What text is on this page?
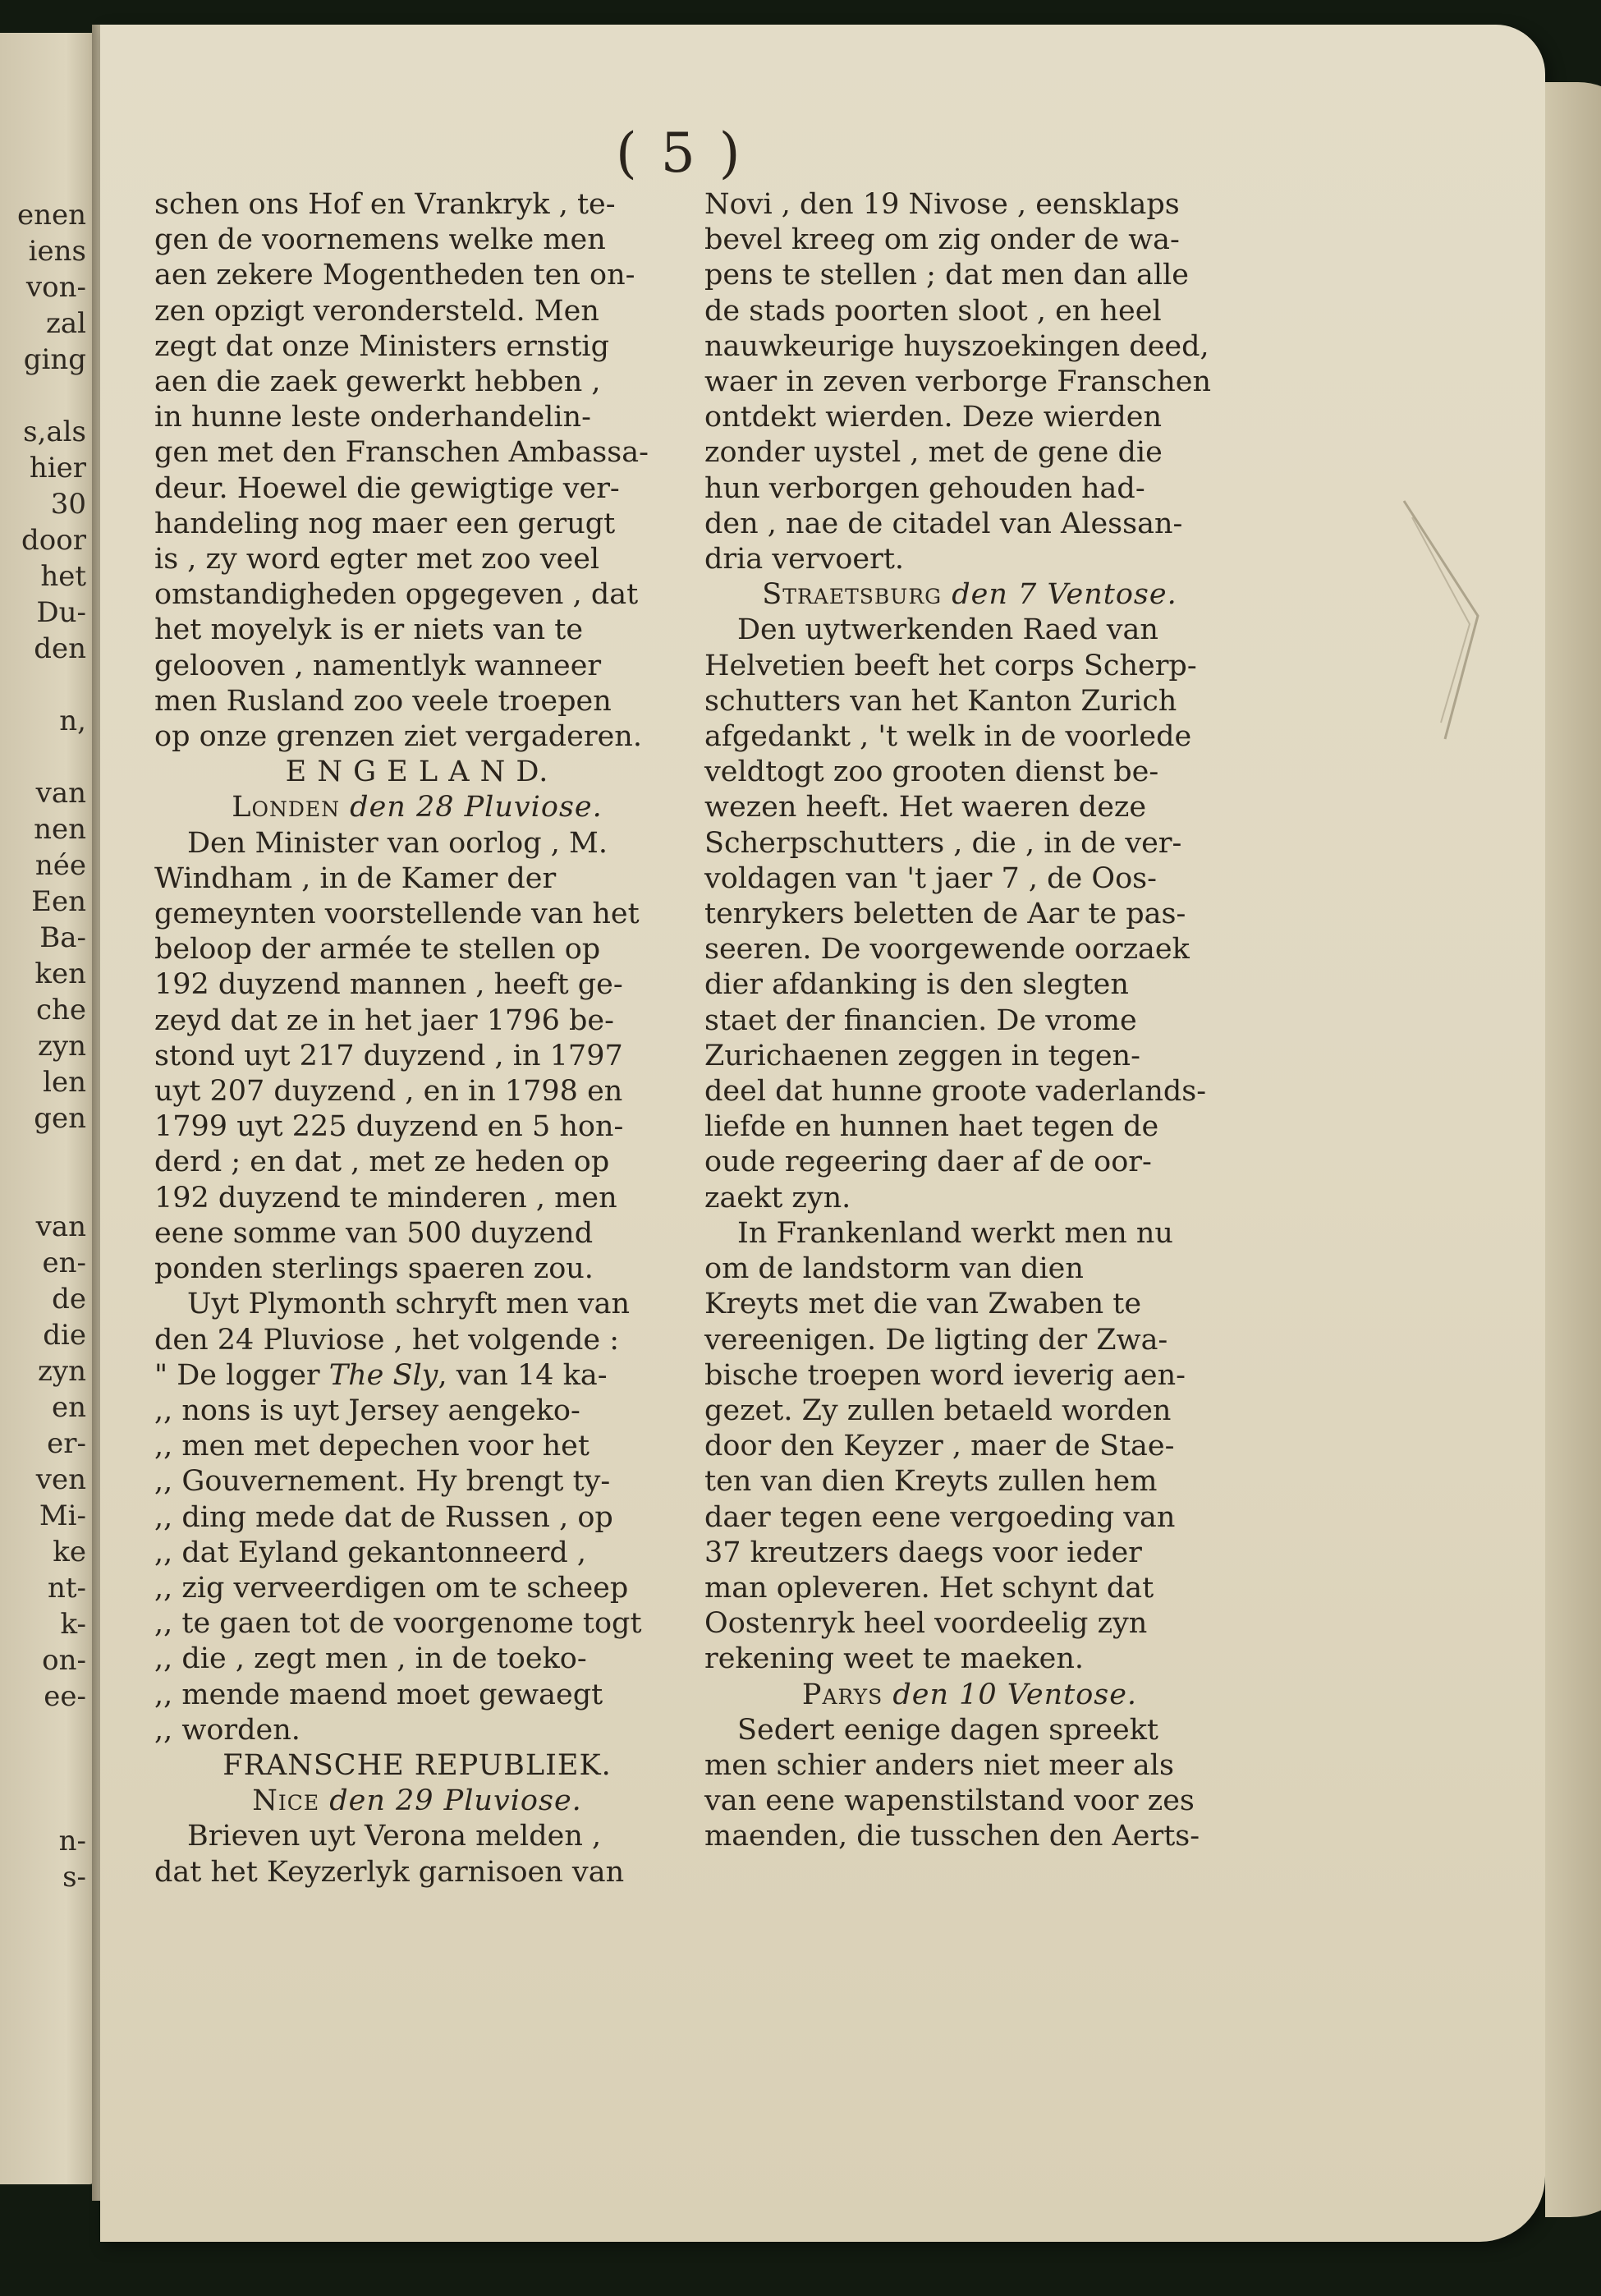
enen
iens
von-
zal
ging
s,als
hier
30
door
het
Du-
den
n,
van
nen
née
Een
Ba-
ken
che
zyn
len
gen
van
en-
de
die
zyn
en
er-
ven
Mi-
ke
nt-
k-
on-
ee-
n-
s-
( 5 )

schen ons Hof en Vrankryk , te-
gen de voornemens welke men
aen zekere Mogentheden ten on-
zen opzigt verondersteld. Men
zegt dat onze Ministers ernstig
aen die zaek gewerkt hebben ,
in hunne leste onderhandelin-
gen met den Franschen Ambassa-
deur. Hoewel die gewigtige ver-
handeling nog maer een gerugt
is , zy word egter met zoo veel
omstandigheden opgegeven , dat
het moyelyk is er niets van te
gelooven , namentlyk wanneer
men Rusland zoo veele troepen
op onze grenzen ziet vergaderen.

E N G E L A N D.

Londen den 28 Pluviose.

Den Minister van oorlog , M.
Windham , in de Kamer der
gemeynten voorstellende van het
beloop der armée te stellen op
192 duyzend mannen , heeft ge-
zeyd dat ze in het jaer 1796 be-
stond uyt 217 duyzend , in 1797
uyt 207 duyzend , en in 1798 en
1799 uyt 225 duyzend en 5 hon-
derd ; en dat , met ze heden op
192 duyzend te minderen , men
eene somme van 500 duyzend
ponden sterlings spaeren zou.

Uyt Plymonth schryft men van
den 24 Pluviose , het volgende :

" De logger The Sly, van 14 ka-
,, nons is uyt Jersey aengeko-
,, men met depechen voor het
,, Gouvernement. Hy brengt ty-
,, ding mede dat de Russen , op
,, dat Eyland gekantonneerd ,
,, zig verveerdigen om te scheep
,, te gaen tot de voorgenome togt
,, die , zegt men , in de toeko-
,, mende maend moet gewaegt
,, worden.

FRANSCHE REPUBLIEK.

Nice den 29 Pluviose.

Brieven uyt Verona melden ,
dat het Keyzerlyk garnisoen van

Novi , den 19 Nivose , eensklaps
bevel kreeg om zig onder de wa-
pens te stellen ; dat men dan alle
de stads poorten sloot , en heel
nauwkeurige huyszoekingen deed,
waer in zeven verborge Franschen
ontdekt wierden. Deze wierden
zonder uystel , met de gene die
hun verborgen gehouden had-
den , nae de citadel van Alessan-
dria vervoert.

Straetsburg den 7 Ventose.

Den uytwerkenden Raed van
Helvetien beeft het corps Scherp-
schutters van het Kanton Zurich
afgedankt , 't welk in de voorlede
veldtogt zoo grooten dienst be-
wezen heeft. Het waeren deze
Scherpschutters , die , in de ver-
voldagen van 't jaer 7 , de Oos-
tenrykers beletten de Aar te pas-
seeren. De voorgewende oorzaek
dier afdanking is den slegten
staet der financien. De vrome
Zurichaenen zeggen in tegen-
deel dat hunne groote vaderlands-
liefde en hunnen haet tegen de
oude regeering daer af de oor-
zaekt zyn.

In Frankenland werkt men nu
om de landstorm van dien
Kreyts met die van Zwaben te
vereenigen. De ligting der Zwa-
bische troepen word ieverig aen-
gezet. Zy zullen betaeld worden
door den Keyzer , maer de Stae-
ten van dien Kreyts zullen hem
daer tegen eene vergoeding van
37 kreutzers daegs voor ieder
man opleveren. Het schynt dat
Oostenryk heel voordeelig zyn
rekening weet te maeken.

Parys den 10 Ventose.

Sedert eenige dagen spreekt
men schier anders niet meer als
van eene wapenstilstand voor zes
maenden, die tusschen den Aerts-
